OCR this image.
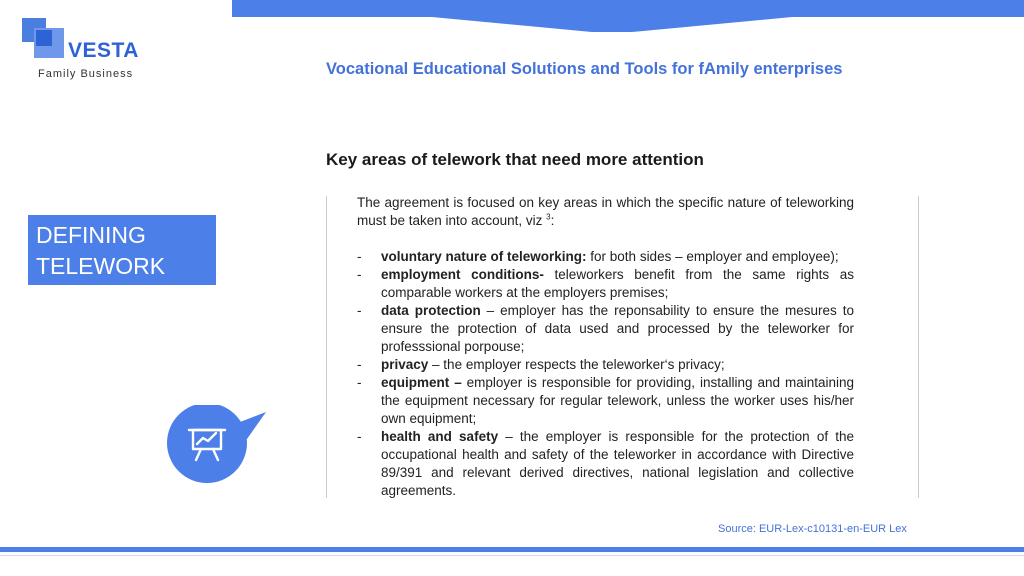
VESTA
Family Business	Vocational Educational Solutions and Tools for fAmily enterprises
Key areas of telework that need more attention
DEFINING
TELEWORK

The agreement is focused on key areas in which the specific nature of teleworking must be taken into account, viz $^3$:

- voluntary nature of teleworking: for both sides – employer and employee);
- employment conditions- teleworkers benefit from the same rights as comparable workers at the employers premises;
- data protection – employer has the reponsability to ensure the mesures to ensure the protection of data used and processed by the teleworker for professsional porpouse;
- privacy – the employer respects the teleworker‘s privacy;
- equipment – employer is responsible for providing, installing and maintaining the equipment necessary for regular telework, unless the worker uses his/her own equipment;
- health and safety – the employer is responsible for the protection of the occupational health and safety of the teleworker in accordance with Directive 89/391 and relevant derived directives, national legislation and collective agreements.
Source: EUR-Lex-c10131-en-EUR Lex
